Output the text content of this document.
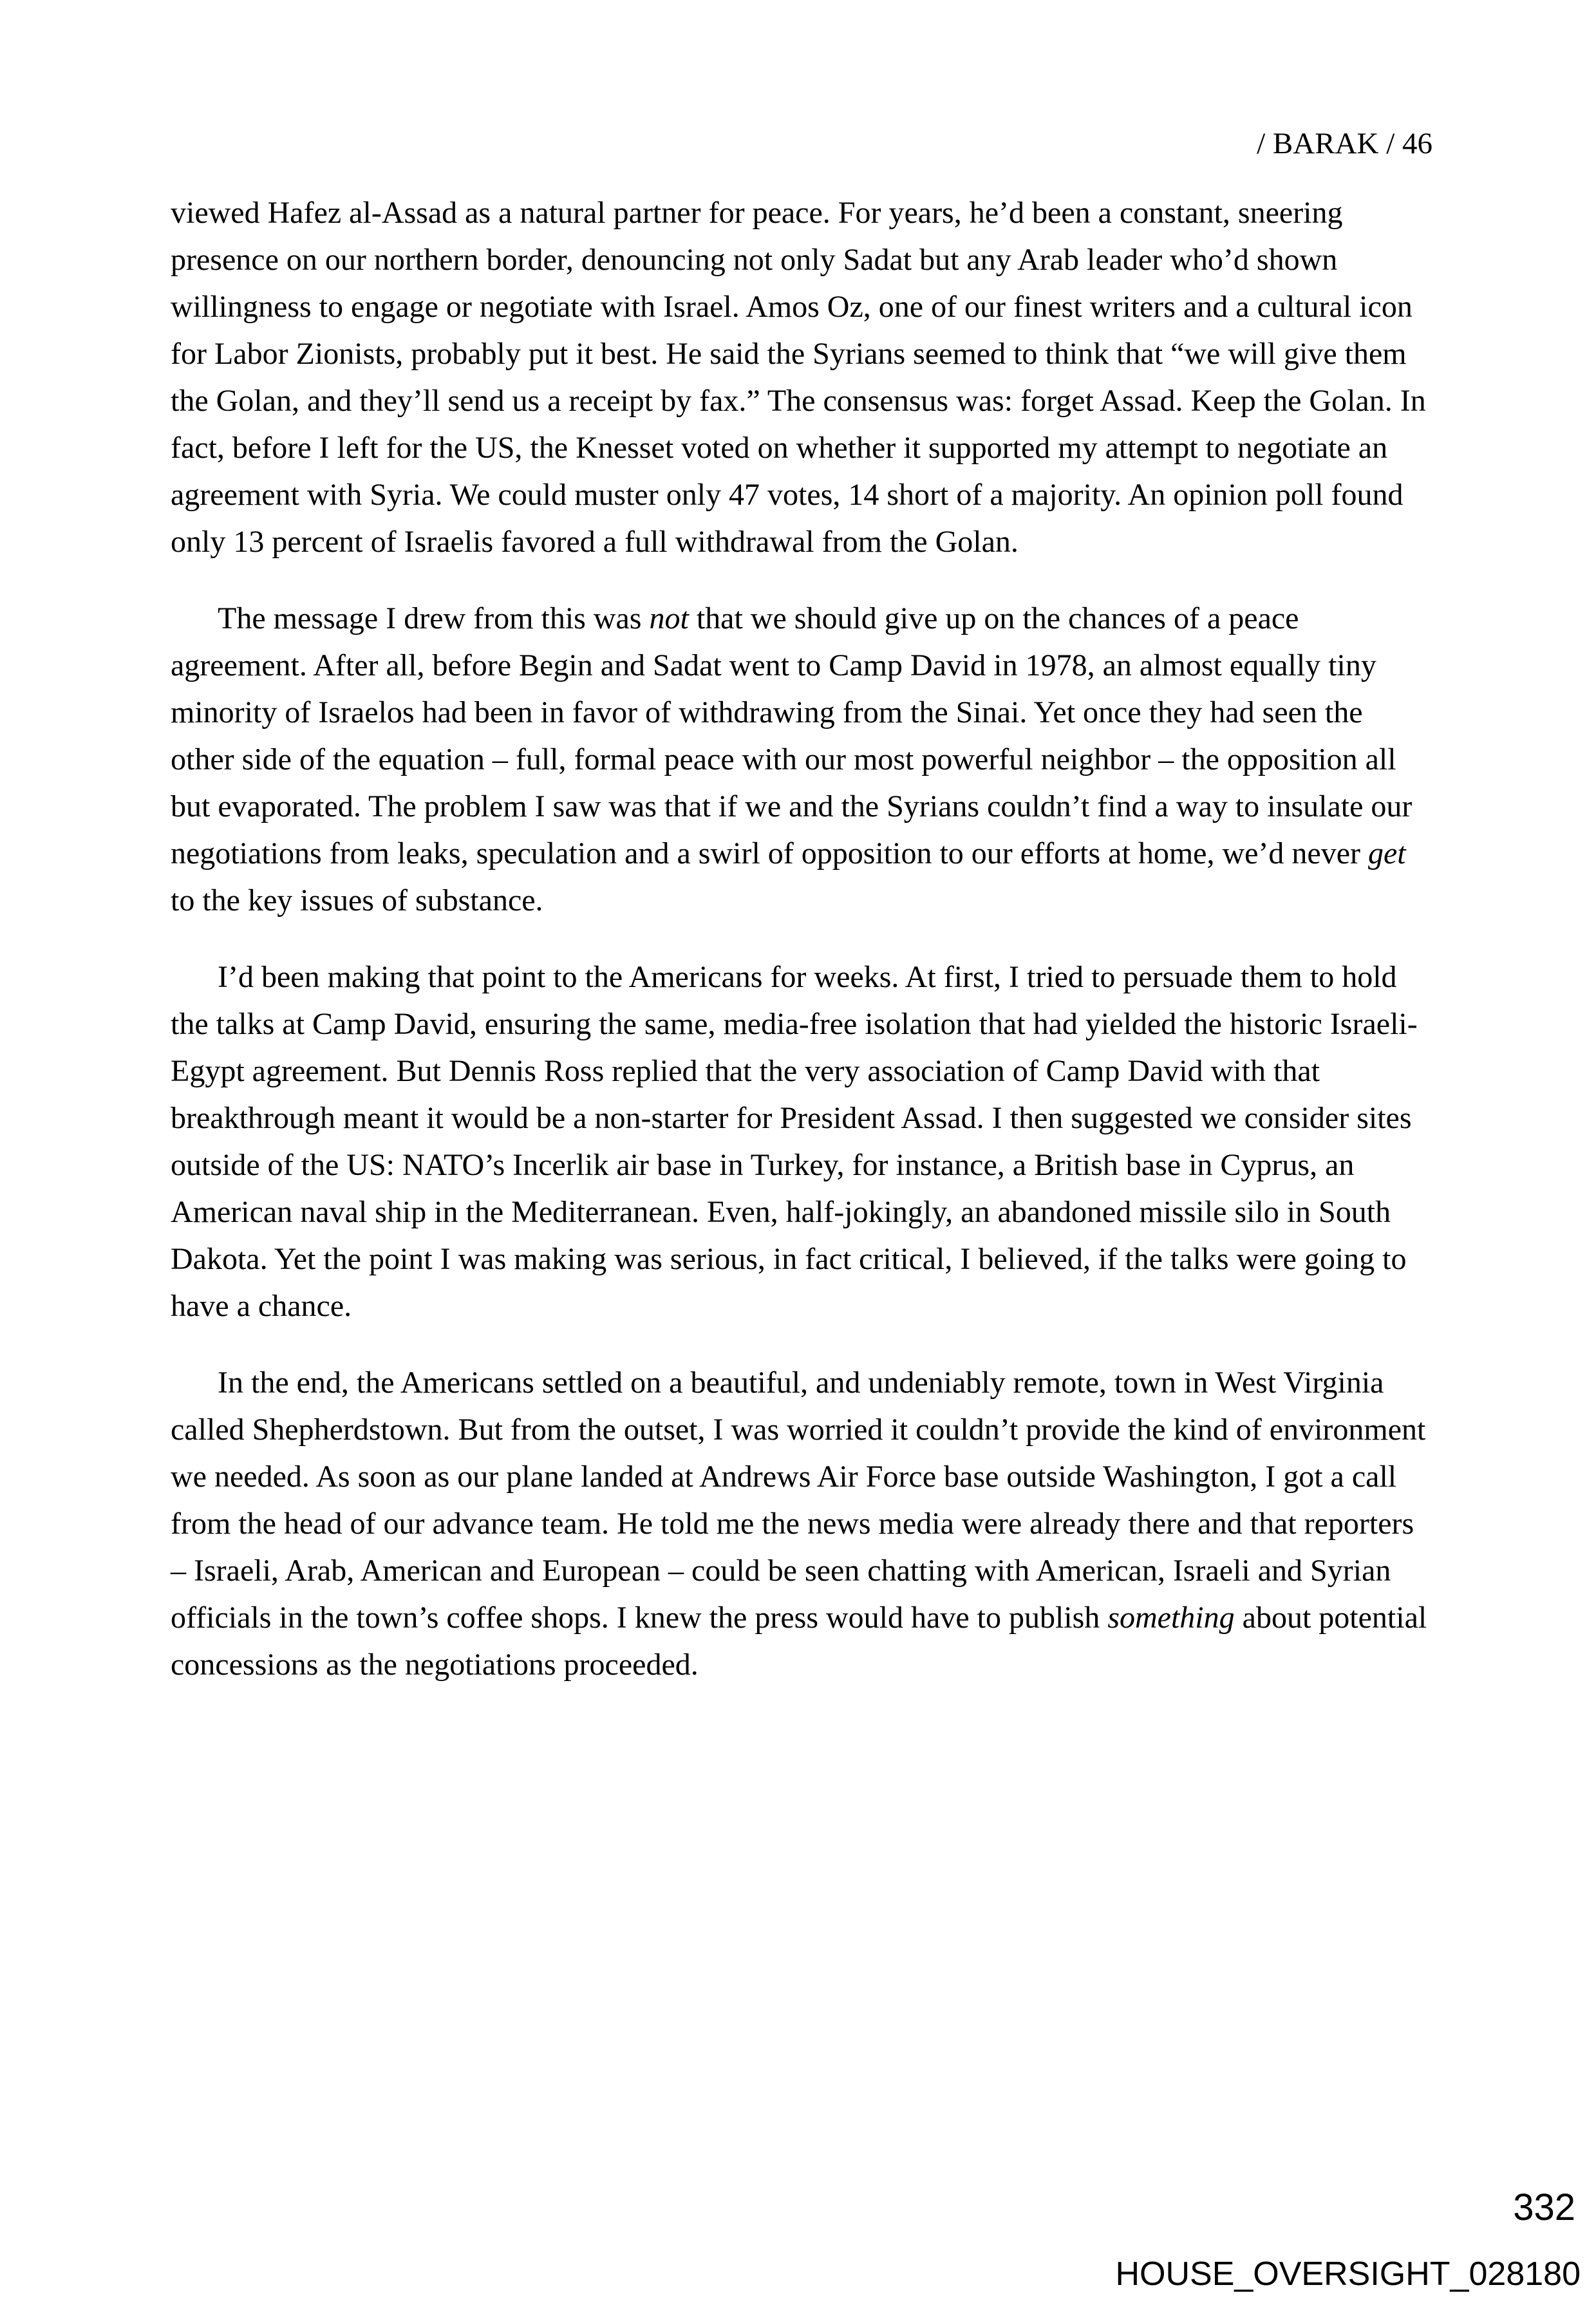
/ BARAK / 46

viewed Hafez al-Assad as a natural partner for peace. For years, he’d been a constant, sneering presence on our northern border, denouncing not only Sadat but any Arab leader who’d shown willingness to engage or negotiate with Israel. Amos Oz, one of our finest writers and a cultural icon for Labor Zionists, probably put it best. He said the Syrians seemed to think that “we will give them the Golan, and they’ll send us a receipt by fax.” The consensus was: forget Assad. Keep the Golan. In fact, before I left for the US, the Knesset voted on whether it supported my attempt to negotiate an agreement with Syria. We could muster only 47 votes, 14 short of a majority. An opinion poll found only 13 percent of Israelis favored a full withdrawal from the Golan.

The message I drew from this was not that we should give up on the chances of a peace agreement. After all, before Begin and Sadat went to Camp David in 1978, an almost equally tiny minority of Israelos had been in favor of withdrawing from the Sinai. Yet once they had seen the other side of the equation – full, formal peace with our most powerful neighbor – the opposition all but evaporated. The problem I saw was that if we and the Syrians couldn’t find a way to insulate our negotiations from leaks, speculation and a swirl of opposition to our efforts at home, we’d never get to the key issues of substance.

I’d been making that point to the Americans for weeks. At first, I tried to persuade them to hold the talks at Camp David, ensuring the same, media-free isolation that had yielded the historic Israeli-Egypt agreement. But Dennis Ross replied that the very association of Camp David with that breakthrough meant it would be a non-starter for President Assad. I then suggested we consider sites outside of the US: NATO’s Incerlik air base in Turkey, for instance, a British base in Cyprus, an American naval ship in the Mediterranean. Even, half-jokingly, an abandoned missile silo in South Dakota. Yet the point I was making was serious, in fact critical, I believed, if the talks were going to have a chance.

In the end, the Americans settled on a beautiful, and undeniably remote, town in West Virginia called Shepherdstown. But from the outset, I was worried it couldn’t provide the kind of environment we needed. As soon as our plane landed at Andrews Air Force base outside Washington, I got a call from the head of our advance team. He told me the news media were already there and that reporters – Israeli, Arab, American and European – could be seen chatting with American, Israeli and Syrian officials in the town’s coffee shops. I knew the press would have to publish something about potential concessions as the negotiations proceeded.

332
HOUSE_OVERSIGHT_028180
